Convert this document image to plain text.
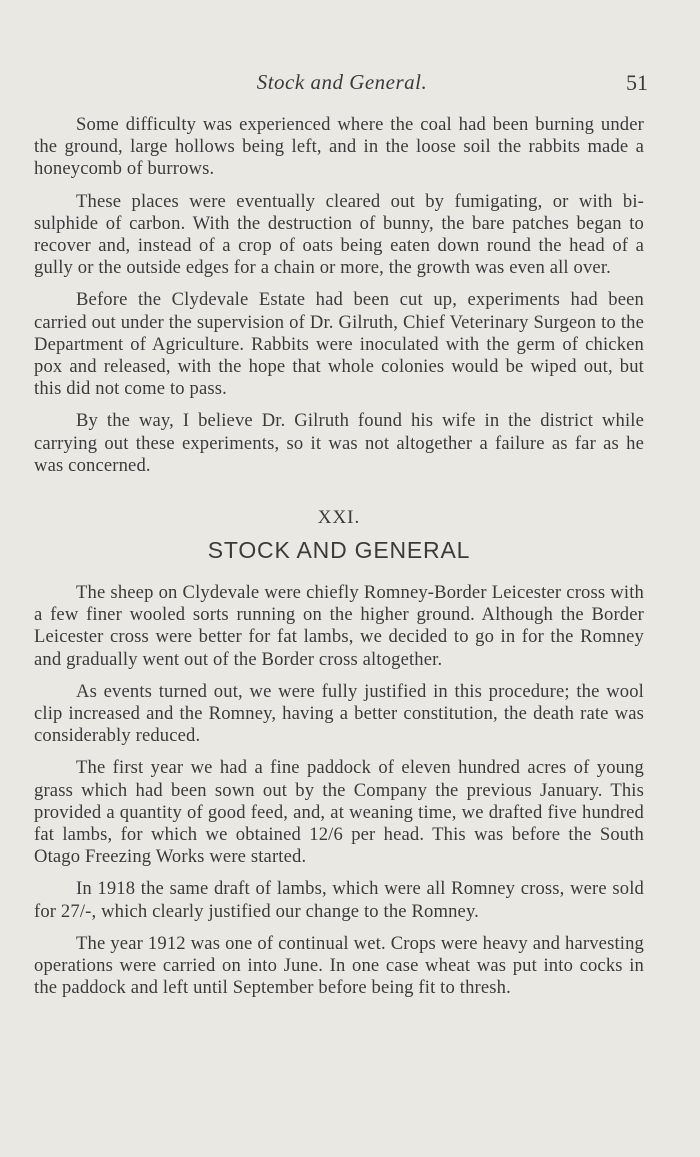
Stock and General.	51

Some difficulty was experienced where the coal had been burning under the ground, large hollows being left, and in the loose soil the rabbits made a honeycomb of burrows.

These places were eventually cleared out by fumigating, or with bi-sulphide of carbon. With the destruction of bunny, the bare patches began to recover and, instead of a crop of oats being eaten down round the head of a gully or the outside edges for a chain or more, the growth was even all over.

Before the Clydevale Estate had been cut up, experiments had been carried out under the supervision of Dr. Gilruth, Chief Veterinary Surgeon to the Department of Agriculture. Rabbits were inoculated with the germ of chicken pox and released, with the hope that whole colonies would be wiped out, but this did not come to pass.

By the way, I believe Dr. Gilruth found his wife in the district while carrying out these experiments, so it was not altogether a failure as far as he was concerned.

XXI.
STOCK AND GENERAL

The sheep on Clydevale were chiefly Romney-Border Leicester cross with a few finer wooled sorts running on the higher ground. Although the Border Leicester cross were better for fat lambs, we decided to go in for the Romney and gradually went out of the Border cross altogether.

As events turned out, we were fully justified in this procedure; the wool clip increased and the Romney, having a better constitution, the death rate was considerably reduced.

The first year we had a fine paddock of eleven hundred acres of young grass which had been sown out by the Company the previous January. This provided a quantity of good feed, and, at weaning time, we drafted five hundred fat lambs, for which we obtained 12/6 per head. This was before the South Otago Freezing Works were started.

In 1918 the same draft of lambs, which were all Romney cross, were sold for 27/-, which clearly justified our change to the Romney.

The year 1912 was one of continual wet. Crops were heavy and harvesting operations were carried on into June. In one case wheat was put into cocks in the paddock and left until September before being fit to thresh.
